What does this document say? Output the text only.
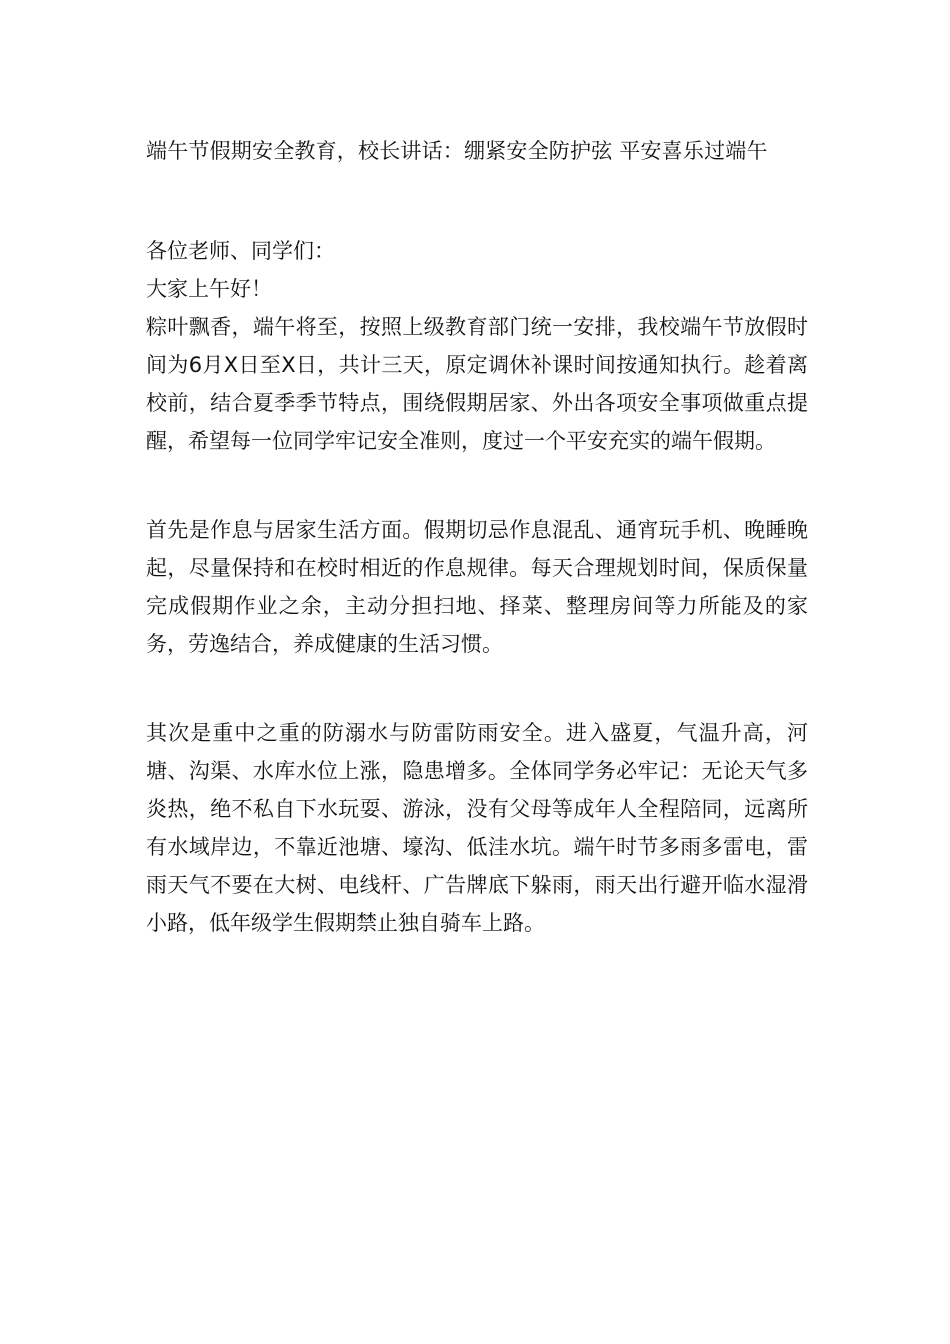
端午节假期安全教育，校长讲话：绷紧安全防护弦 平安喜乐过端午

各位老师、同学们：

大家上午好！

粽叶飘香，端午将至，按照上级教育部门统一安排，我校端午节放假时间为6月X日至X日，共计三天，原定调休补课时间按通知执行。趁着离校前，结合夏季季节特点，围绕假期居家、外出各项安全事项做重点提醒，希望每一位同学牢记安全准则，度过一个平安充实的端午假期。

首先是作息与居家生活方面。假期切忌作息混乱、通宵玩手机、晚睡晚起，尽量保持和在校时相近的作息规律。每天合理规划时间，保质保量完成假期作业之余，主动分担扫地、择菜、整理房间等力所能及的家务，劳逸结合，养成健康的生活习惯。

其次是重中之重的防溺水与防雷防雨安全。进入盛夏，气温升高，河塘、沟渠、水库水位上涨，隐患增多。全体同学务必牢记：无论天气多炎热，绝不私自下水玩耍、游泳，没有父母等成年人全程陪同，远离所有水域岸边，不靠近池塘、壕沟、低洼水坑。端午时节多雨多雷电，雷雨天气不要在大树、电线杆、广告牌底下躲雨，雨天出行避开临水湿滑小路，低年级学生假期禁止独自骑车上路。
